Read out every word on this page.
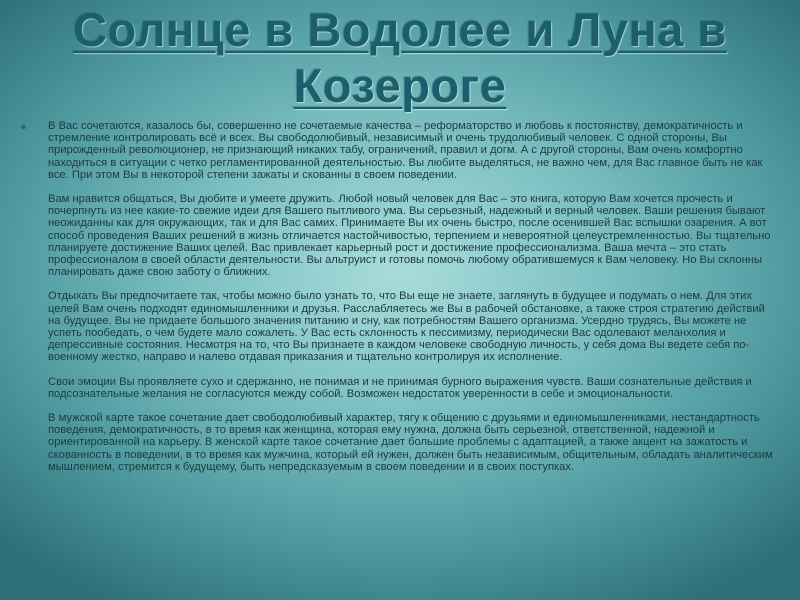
Солнце в Водолее и Луна в Козероге
● В Вас сочетаются, казалось бы, совершенно не сочетаемые качества – реформаторство и любовь к постоянству, демократичность и стремление контролировать всё и всех. Вы свободолюбивый, независимый и очень трудолюбивый человек. С одной стороны, Вы прирожденный революционер, не признающий никаких табу, ограничений, правил и догм. А с другой стороны, Вам очень комфортно находиться в ситуации с четко регламентированной деятельностью. Вы любите выделяться, не важно чем, для Вас главное быть не как все. При этом Вы в некоторой степени зажаты и скованны в своем поведении.

Вам нравится общаться, Вы дюбите и умеете дружить. Любой новый человек для Вас – это книга, которую Вам хочется прочесть и почерпнуть из нее какие-то свежие идеи для Вашего пытливого ума. Вы серьезный, надежный и верный человек. Ваши решения бывают неожиданны как для окружающих, так и для Вас самих. Принимаете Вы их очень быстро, после осенившей Вас вспышки озарения. А вот способ проведения Ваших решений в жизнь отличается настойчивостью, терпением и невероятной целеустремленностью. Вы тщательно планируете достижение Ваших целей. Вас привлекает карьерный рост и достижение профессионализма. Ваша мечта – это стать профессионалом в своей области деятельности. Вы альтруист и готовы помочь любому обратившемуся к Вам человеку. Но Вы склонны планировать даже свою заботу о ближних.

Отдыхать Вы предпочитаете так, чтобы можно было узнать то, что Вы еще не знаете, заглянуть в будущее и подумать о нем. Для этих целей Вам очень подходят единомышленники и друзья. Расслабляетесь же Вы в рабочей обстановке, а также строя стратегию действий на будущее. Вы не придаете большого значения питанию и сну, как потребностям Вашего организма. Усердно трудясь, Вы можете не успеть пообедать, о чем будете мало сожалеть. У Вас есть склонность к пессимизму, периодически Вас одолевают меланхолия и депрессивные состояния. Несмотря на то, что Вы признаете в каждом человеке свободную личность, у себя дома Вы ведете себя по-военному жестко, направо и налево отдавая приказания и тщательно контролируя их исполнение.

Свои эмоции Вы проявляете сухо и сдержанно, не понимая и не принимая бурного выражения чувств. Ваши сознательные действия и подсознательные желания не согласуются между собой. Возможен недостаток уверенности в себе и эмоциональности.

В мужской карте такое сочетание дает свободолюбивый характер, тягу к общению с друзьями и единомышленниками, нестандартность поведения, демократичность, в то время как женщина, которая ему нужна, должна быть серьезной, ответственной, надежной и ориентированной на карьеру. В женской карте такое сочетание дает большие проблемы с адаптацией, а также акцент на зажатость и скованность в поведении, в то время как мужчина, который ей нужен, должен быть независимым, общительным, обладать аналитическим мышлением, стремится к будущему, быть непредсказуемым в своем поведении и в своих поступках.
